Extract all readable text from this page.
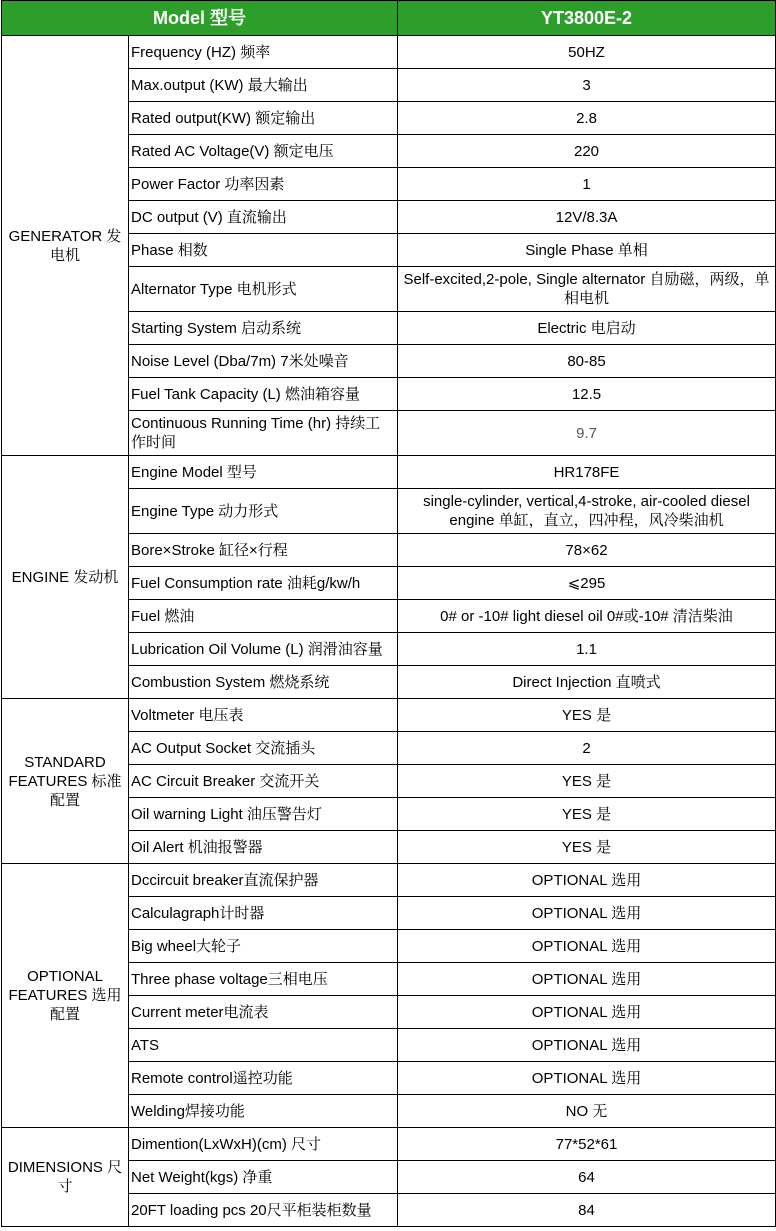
Model 型号		YT3800E-2
GENERATOR 发电机	Frequency (HZ) 频率	50HZ
	Max.output (KW) 最大输出	3
	Rated output(KW) 额定输出	2.8
	Rated AC Voltage(V) 额定电压	220
	Power Factor 功率因素	1
	DC output (V) 直流输出	12V/8.3A
	Phase 相数	Single Phase 单相
	Alternator Type 电机形式	Self-excited,2-pole, Single alternator 自励磁，两级，单相电机
	Starting System 启动系统	Electric 电启动
	Noise Level (Dba/7m) 7米处噪音	80-85
	Fuel Tank Capacity (L) 燃油箱容量	12.5
	Continuous Running Time (hr) 持续工作时间	9.7
ENGINE 发动机	Engine Model 型号	HR178FE
	Engine Type 动力形式	single-cylinder, vertical,4-stroke, air-cooled diesel engine 单缸，直立，四冲程，风冷柴油机
	Bore×Stroke 缸径×行程	78×62
	Fuel Consumption rate 油耗g/kw/h	⩽295
	Fuel 燃油	0# or -10# light diesel oil 0#或-10# 清洁柴油
	Lubrication Oil Volume (L) 润滑油容量	1.1
	Combustion System 燃烧系统	Direct Injection 直喷式
STANDARD FEATURES 标准配置	Voltmeter 电压表	YES 是
	AC Output Socket 交流插头	2
	AC Circuit Breaker 交流开关	YES 是
	Oil warning Light 油压警告灯	YES 是
	Oil Alert 机油报警器	YES 是
OPTIONAL FEATURES 选用配置	Dccircuit breaker直流保护器	OPTIONAL 选用
	Calculagraph计时器	OPTIONAL 选用
	Big wheel大轮子	OPTIONAL 选用
	Three phase voltage三相电压	OPTIONAL 选用
	Current meter电流表	OPTIONAL 选用
	ATS	OPTIONAL 选用
	Remote control遥控功能	OPTIONAL 选用
	Welding焊接功能	NO 无
DIMENSIONS 尺寸	Dimention(LxWxH)(cm) 尺寸	77*52*61
	Net Weight(kgs) 净重	64
	20FT loading pcs 20尺平柜装柜数量	84
